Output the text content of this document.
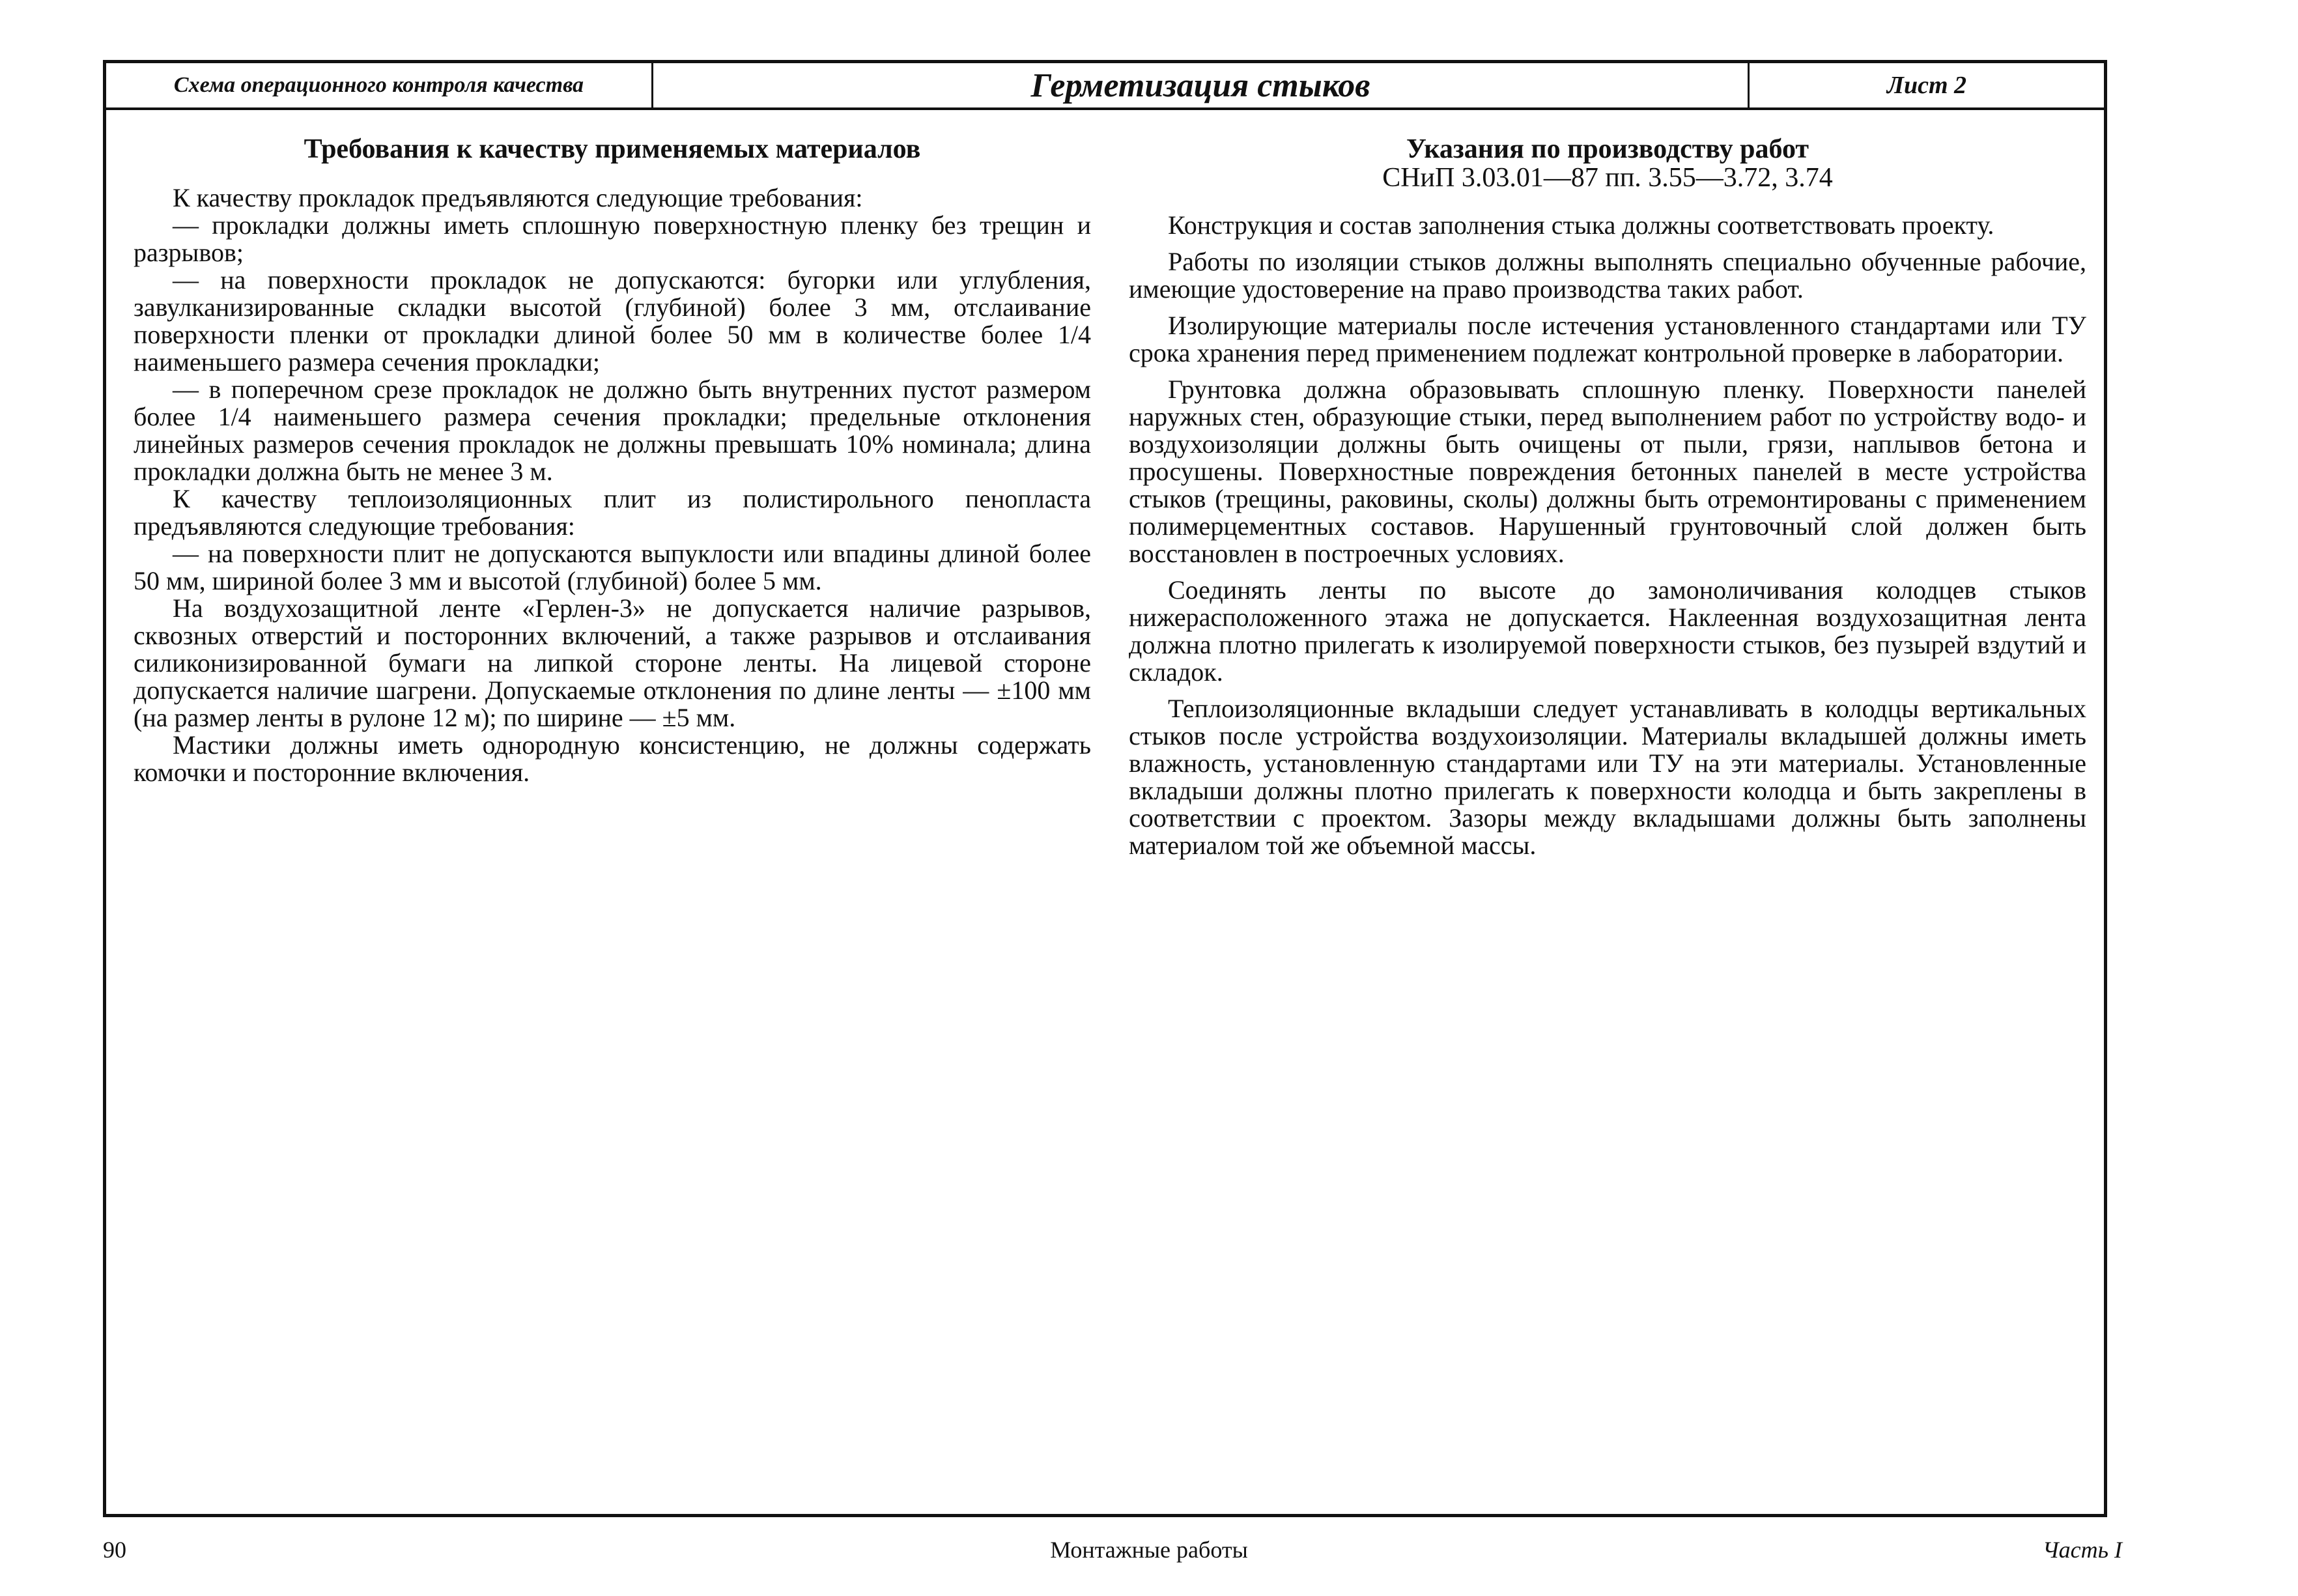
Схема операционного контроля качества	Герметизация стыков	Лист 2
Требования к качеству применяемых материалов

К качеству прокладок предъявляются следующие требования:

— прокладки должны иметь сплошную поверхностную пленку без трещин и разрывов;

— на поверхности прокладок не допускаются: бугорки или углубления, завулканизированные складки высотой (глубиной) более 3 мм, отслаивание поверхности пленки от прокладки длиной более 50 мм в количестве более 1/4 наименьшего размера сечения прокладки;

— в поперечном срезе прокладок не должно быть внутренних пустот размером более 1/4 наименьшего размера сечения прокладки; предельные отклонения линейных размеров сечения прокладок не должны превышать 10% номинала; длина прокладки должна быть не менее 3 м.

К качеству теплоизоляционных плит из полистирольного пенопласта предъявляются следующие требования:

— на поверхности плит не допускаются выпуклости или впадины длиной более 50 мм, шириной более 3 мм и высотой (глубиной) более 5 мм.

На воздухозащитной ленте «Герлен-3» не допускается наличие разрывов, сквозных отверстий и посторонних включений, а также разрывов и отслаивания силиконизированной бумаги на липкой стороне ленты. На лицевой стороне допускается наличие шагрени. Допускаемые отклонения по длине ленты — ±100 мм (на размер ленты в рулоне 12 м); по ширине — ±5 мм.

Мастики должны иметь однородную консистенцию, не должны содержать комочки и посторонние включения.

Указания по производству работ
СНиП 3.03.01—87 пп. 3.55—3.72, 3.74

Конструкция и состав заполнения стыка должны соответствовать проекту.

Работы по изоляции стыков должны выполнять специально обученные рабочие, имеющие удостоверение на право производства таких работ.

Изолирующие материалы после истечения установленного стандартами или ТУ срока хранения перед применением подлежат контрольной проверке в лаборатории.

Грунтовка должна образовывать сплошную пленку. Поверхности панелей наружных стен, образующие стыки, перед выполнением работ по устройству водо- и воздухоизоляции должны быть очищены от пыли, грязи, наплывов бетона и просушены. Поверхностные повреждения бетонных панелей в месте устройства стыков (трещины, раковины, сколы) должны быть отремонтированы с применением полимерцементных составов. Нарушенный грунтовочный слой должен быть восстановлен в построечных условиях.

Соединять ленты по высоте до замоноличивания колодцев стыков нижерасположенного этажа не допускается. Наклеенная воздухозащитная лента должна плотно прилегать к изолируемой поверхности стыков, без пузырей вздутий и складок.

Теплоизоляционные вкладыши следует устанавливать в колодцы вертикальных стыков после устройства воздухоизоляции. Материалы вкладышей должны иметь влажность, установленную стандартами или ТУ на эти материалы. Установленные вкладыши должны плотно прилегать к поверхности колодца и быть закреплены в соответствии с проектом. Зазоры между вкладышами должны быть заполнены материалом той же объемной массы.

90	Монтажные работы	Часть I
